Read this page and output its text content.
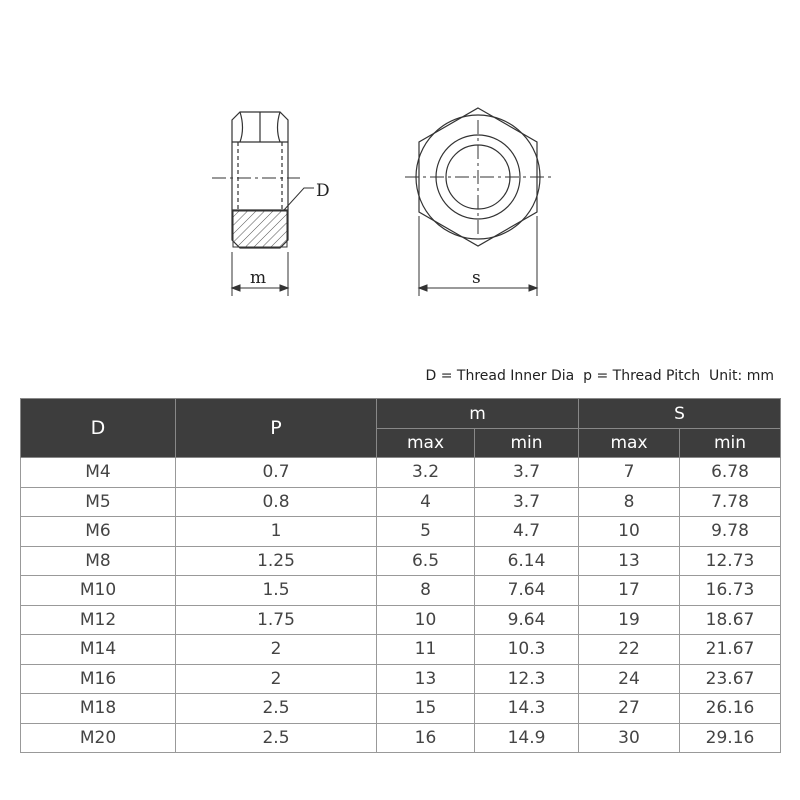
D
m	s
D = Thread Inner Dia  p = Thread Pitch  Unit: mm
D	P	m		S	
		max	min	max	min
M4	0.7	3.2	3.7	7	6.78
M5	0.8	4	3.7	8	7.78
M6	1	5	4.7	10	9.78
M8	1.25	6.5	6.14	13	12.73
M10	1.5	8	7.64	17	16.73
M12	1.75	10	9.64	19	18.67
M14	2	11	10.3	22	21.67
M16	2	13	12.3	24	23.67
M18	2.5	15	14.3	27	26.16
M20	2.5	16	14.9	30	29.16
